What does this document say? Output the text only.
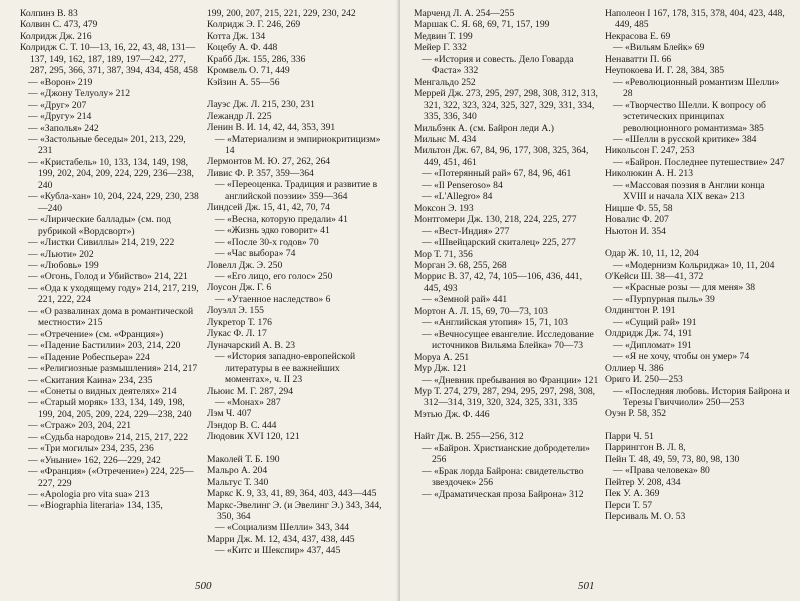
Колпинз В. 83
Колвин С. 473, 479
Колридж Дж. 216
Колридж С. Т. 10—13, 16, 22, 43, 48, 131—137, 149, 162, 187, 189, 197—242, 277, 287, 295, 366, 371, 387, 394, 434, 458, 458
— «Ворон» 219
— «Джону Телуолу» 212
— «Друг» 207
— «Другу» 214
— «Заполья» 242
— «Застольные беседы» 201, 213, 229, 231
— «Кристабель» 10, 133, 134, 149, 198, 199, 202, 204, 209, 224, 229, 236—238, 240
— «Кубла-хан» 10, 204, 224, 229, 230, 238—240
— «Лирические баллады» (см. под рубрикой «Вордсворт»)
— «Листки Сивиллы» 214, 219, 222
— «Льюти» 202
— «Любовь» 199
— «Огонь, Голод и Убийство» 214, 221
— «Ода к уходящему году» 214, 217, 219, 221, 222, 224
— «О развалинах дома в романтической местности» 215
— «Отречение» (см. «Франция»)
— «Падение Бастилии» 203, 214, 220
— «Падение Робеспьера» 224
— «Религиозные размышления» 214, 217
— «Скитания Каина» 234, 235
— «Сонеты о видных деятелях» 214
— «Старый моряк» 133, 134, 149, 198, 199, 204, 205, 209, 224, 229—238, 240
— «Страж» 203, 204, 221
— «Судьба народов» 214, 215, 217, 222
— «Три могилы» 234, 235, 236
— «Уныние» 162, 226—229, 242
— «Франция» («Отречение») 224, 225—227, 229
— «Apologia pro vita sua» 213
— «Biographia literaria» 134, 135,
199, 200, 207, 215, 221, 229, 230, 242
Колридж Э. Г. 246, 269
Котта Дж. 134
Коцебу А. Ф. 448
Крабб Дж. 155, 286, 336
Кромвель О. 71, 449
Кэйзин А. 55—56
Лауэс Дж. Л. 215, 230, 231
Лежандр Л. 225
Ленин В. И. 14, 42, 44, 353, 391
— «Материализм и эмпириокритицизм» 14
Лермонтов М. Ю. 27, 262, 264
Ливис Ф. Р. 357, 359—364
— «Переоценка. Традиция и развитие в английской поэзии» 359—364
Линдсей Дж. 15, 41, 42, 70, 74
— «Весна, которую предали» 41
— «Жизнь эдко говорит» 41
— «После 30-х годов» 70
— «Час выбора» 74
Ловелл Дж. Э. 250
— «Его лицо, его голос» 250
Лоусон Дж. Г. 6
— «Утаенное наследство» 6
Лоуэлл Э. 155
Лукретор Т. 176
Лукас Ф. Л. 17
Луначарский А. В. 23
— «История западно-европейской литературы в ее важнейших моментах», ч. II 23
Льюис М. Г. 287, 294
— «Монах» 287
Лэм Ч. 407
Лэндор В. С. 444
Людовик XVI 120, 121
Маколей Т. Б. 190
Мальро А. 204
Мальтус Т. 340
Маркс К. 9, 33, 41, 89, 364, 403, 443—445
Маркс-Эвелинг Э. (и Эвелинг Э.) 343, 344, 350, 364
— «Социализм Шелли» 343, 344
Марри Дж. М. 12, 434, 437, 438, 445
— «Китс и Шекспир» 437, 445
500
Марченд Л. А. 254—255
Маршак С. Я. 68, 69, 71, 157, 199
Медвин Т. 199
Мейер Г. 332
— «История и совесть. Дело Говарда Фаста» 332
Менгальдо 252
Меррей Дж. 273, 295, 297, 298, 308, 312, 313, 321, 322, 323, 324, 325, 327, 329, 331, 334, 335, 336, 340
Мильбэнк А. (см. Байрон леди А.)
Мильнс М. 434
Мильтон Дж. 67, 84, 96, 177, 308, 325, 364, 449, 451, 461
— «Потерянный рай» 67, 84, 96, 461
— «Il Penseroso» 84
— «L'Allegro» 84
Моксон Э. 193
Монтгомери Дж. 130, 218, 224, 225, 277
— «Вест-Индия» 277
— «Швейцарский скиталец» 225, 277
Мор Т. 71, 356
Морган Э. 68, 255, 268
Моррис В. 37, 42, 74, 105—106, 436, 441, 445, 493
— «Земной рай» 441
Мортон А. Л. 15, 69, 70—73, 103
— «Английская утопия» 15, 71, 103
— «Вечносущее евангелие. Исследование источников Вильяма Блейка» 70—73
Моруа А. 251
Мур Дж. 121
— «Дневник пребывания во Франции» 121
Мур Т. 274, 279, 287, 294, 295, 297, 298, 308, 312—314, 319, 320, 324, 325, 331, 335
Мэтью Дж. Ф. 446
Найт Дж. В. 255—256, 312
— «Байрон. Христианские добродетели» 256
— «Брак лорда Байрона: свидетельство звездочек» 256
— «Драматическая проза Байрона» 312
Наполеон I 167, 178, 315, 378, 404, 423, 448, 449, 485
Некрасова Е. 69
— «Вильям Блейк» 69
Ненаватти П. 66
Неупокоева И. Г. 28, 384, 385
— «Революционный романтизм Шелли» 28
— «Творчество Шелли. К вопросу об эстетических принципах революционного романтизма» 385
— «Шелли в русской критике» 384
Никольсон Г. 247, 253
— «Байрон. Последнее путешествие» 247
Николюкин А. Н. 213
— «Массовая поэзия в Англии конца XVIII и начала XIX века» 213
Ницше Ф. 55, 58
Новалис Ф. 207
Ньютон И. 354
Одар Ж. 10, 11, 12, 204
— «Модернизм Кольриджа» 10, 11, 204
О'Кейси Ш. 38—41, 372
— «Красные розы — для меня» 38
— «Пурпурная пыль» 39
Олдингтон Р. 191
— «Сущий рай» 191
Олдридж Дж. 74, 191
— «Дипломат» 191
— «Я не хочу, чтобы он умер» 74
Оллиер Ч. 386
Ориго И. 250—253
— «Последняя любовь. История Байрона и Терезы Гвиччиоли» 250—253
Оуэн Р. 58, 352
Парри Ч. 51
Парринггон В. Л. 8,
Пейн Т. 48, 49, 59, 73, 80, 98, 130
— «Права человека» 80
Пейтер У. 208, 434
Пек У. А. 369
Перси Т. 57
Персиваль М. О. 53
501
